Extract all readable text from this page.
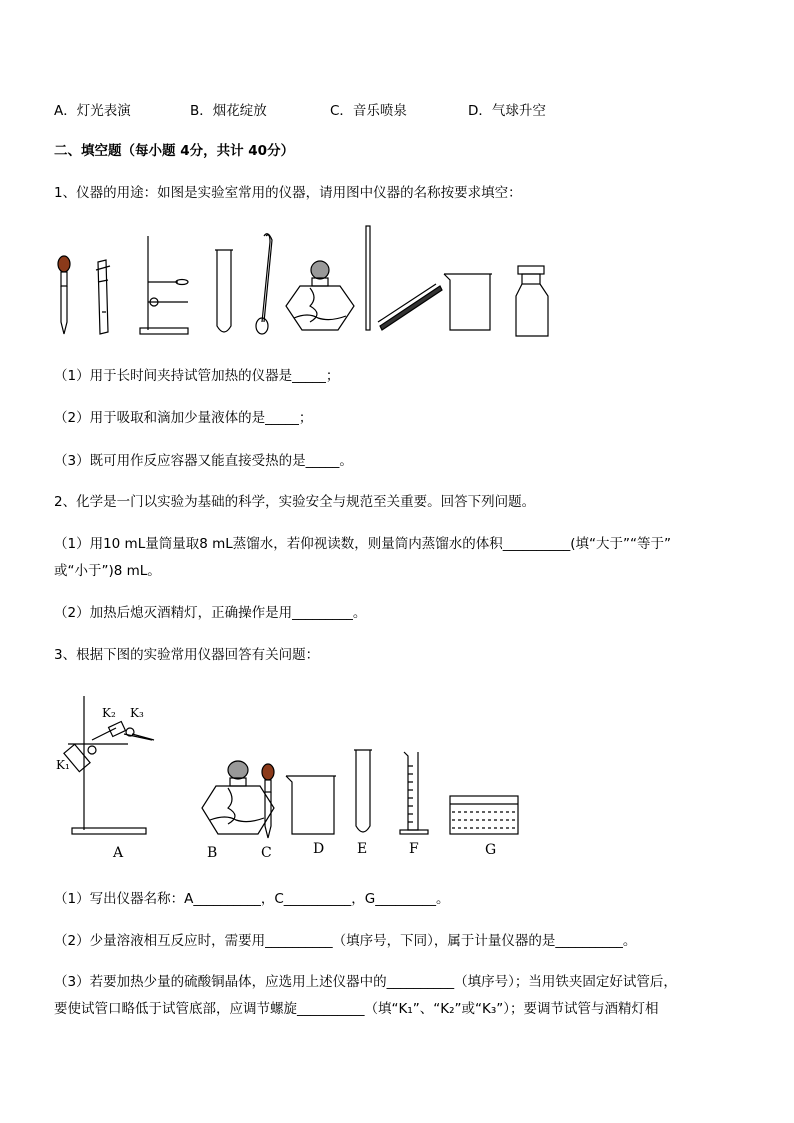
A．灯光表演	B．烟花绽放	C．音乐喷泉	D．气球升空
二、填空题（每小题 4分，共计 40分）
1、仪器的用途：如图是实验室常用的仪器，请用图中仪器的名称按要求填空：
（1）用于长时间夹持试管加热的仪器是_____；
（2）用于吸取和滴加少量液体的是_____；
（3）既可用作反应容器又能直接受热的是_____。
2、化学是一门以实验为基础的科学，实验安全与规范至关重要。回答下列问题。
（1）用10 mL量筒量取8 mL蒸馏水，若仰视读数，则量筒内蒸馏水的体积__________(填“大于”“等于”
或“小于”)8 mL。
（2）加热后熄灭酒精灯，正确操作是用_________。
3、根据下图的实验常用仪器回答有关问题：
K₂ K₃
K₁
A	B	C	D E	F	G
（1）写出仪器名称：A__________，C__________，G_________。
（2）少量溶液相互反应时，需要用__________（填序号，下同），属于计量仪器的是__________。
（3）若要加热少量的硫酸铜晶体，应选用上述仪器中的__________（填序号）；当用铁夹固定好试管后，
要使试管口略低于试管底部，应调节螺旋__________（填“K₁”、“K₂”或“K₃”）；要调节试管与酒精灯相
